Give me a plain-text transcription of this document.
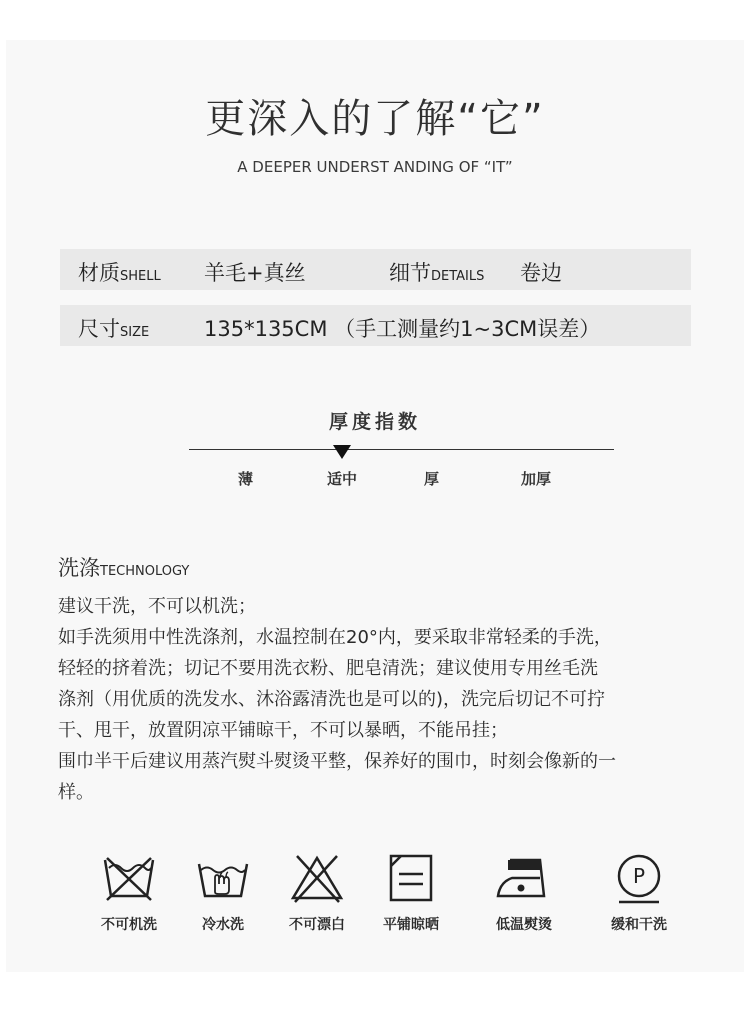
更深入的了解“它”
A DEEPER UNDERST ANDING OF “IT”
材质SHELL 羊毛+真丝	细节DETAILS 卷边
尺寸SIZE	135*135CM （手工测量约1~3CM误差）
厚度指数
薄	适中	厚	加厚
洗涤TECHNOLOGY
建议干洗，不可以机洗；
如手洗须用中性洗涤剂，水温控制在20°内，要采取非常轻柔的手洗，
轻轻的挤着洗；切记不要用洗衣粉、肥皂清洗；建议使用专用丝毛洗
涤剂（用优质的洗发水、沐浴露清洗也是可以的)，洗完后切记不可拧
干、甩干，放置阴凉平铺晾干，不可以暴晒，不能吊挂；
围巾半干后建议用蒸汽熨斗熨烫平整，保养好的围巾，时刻会像新的一
样。
不可机洗	冷水洗	不可漂白	平铺晾晒	低温熨烫
P
缓和干洗
